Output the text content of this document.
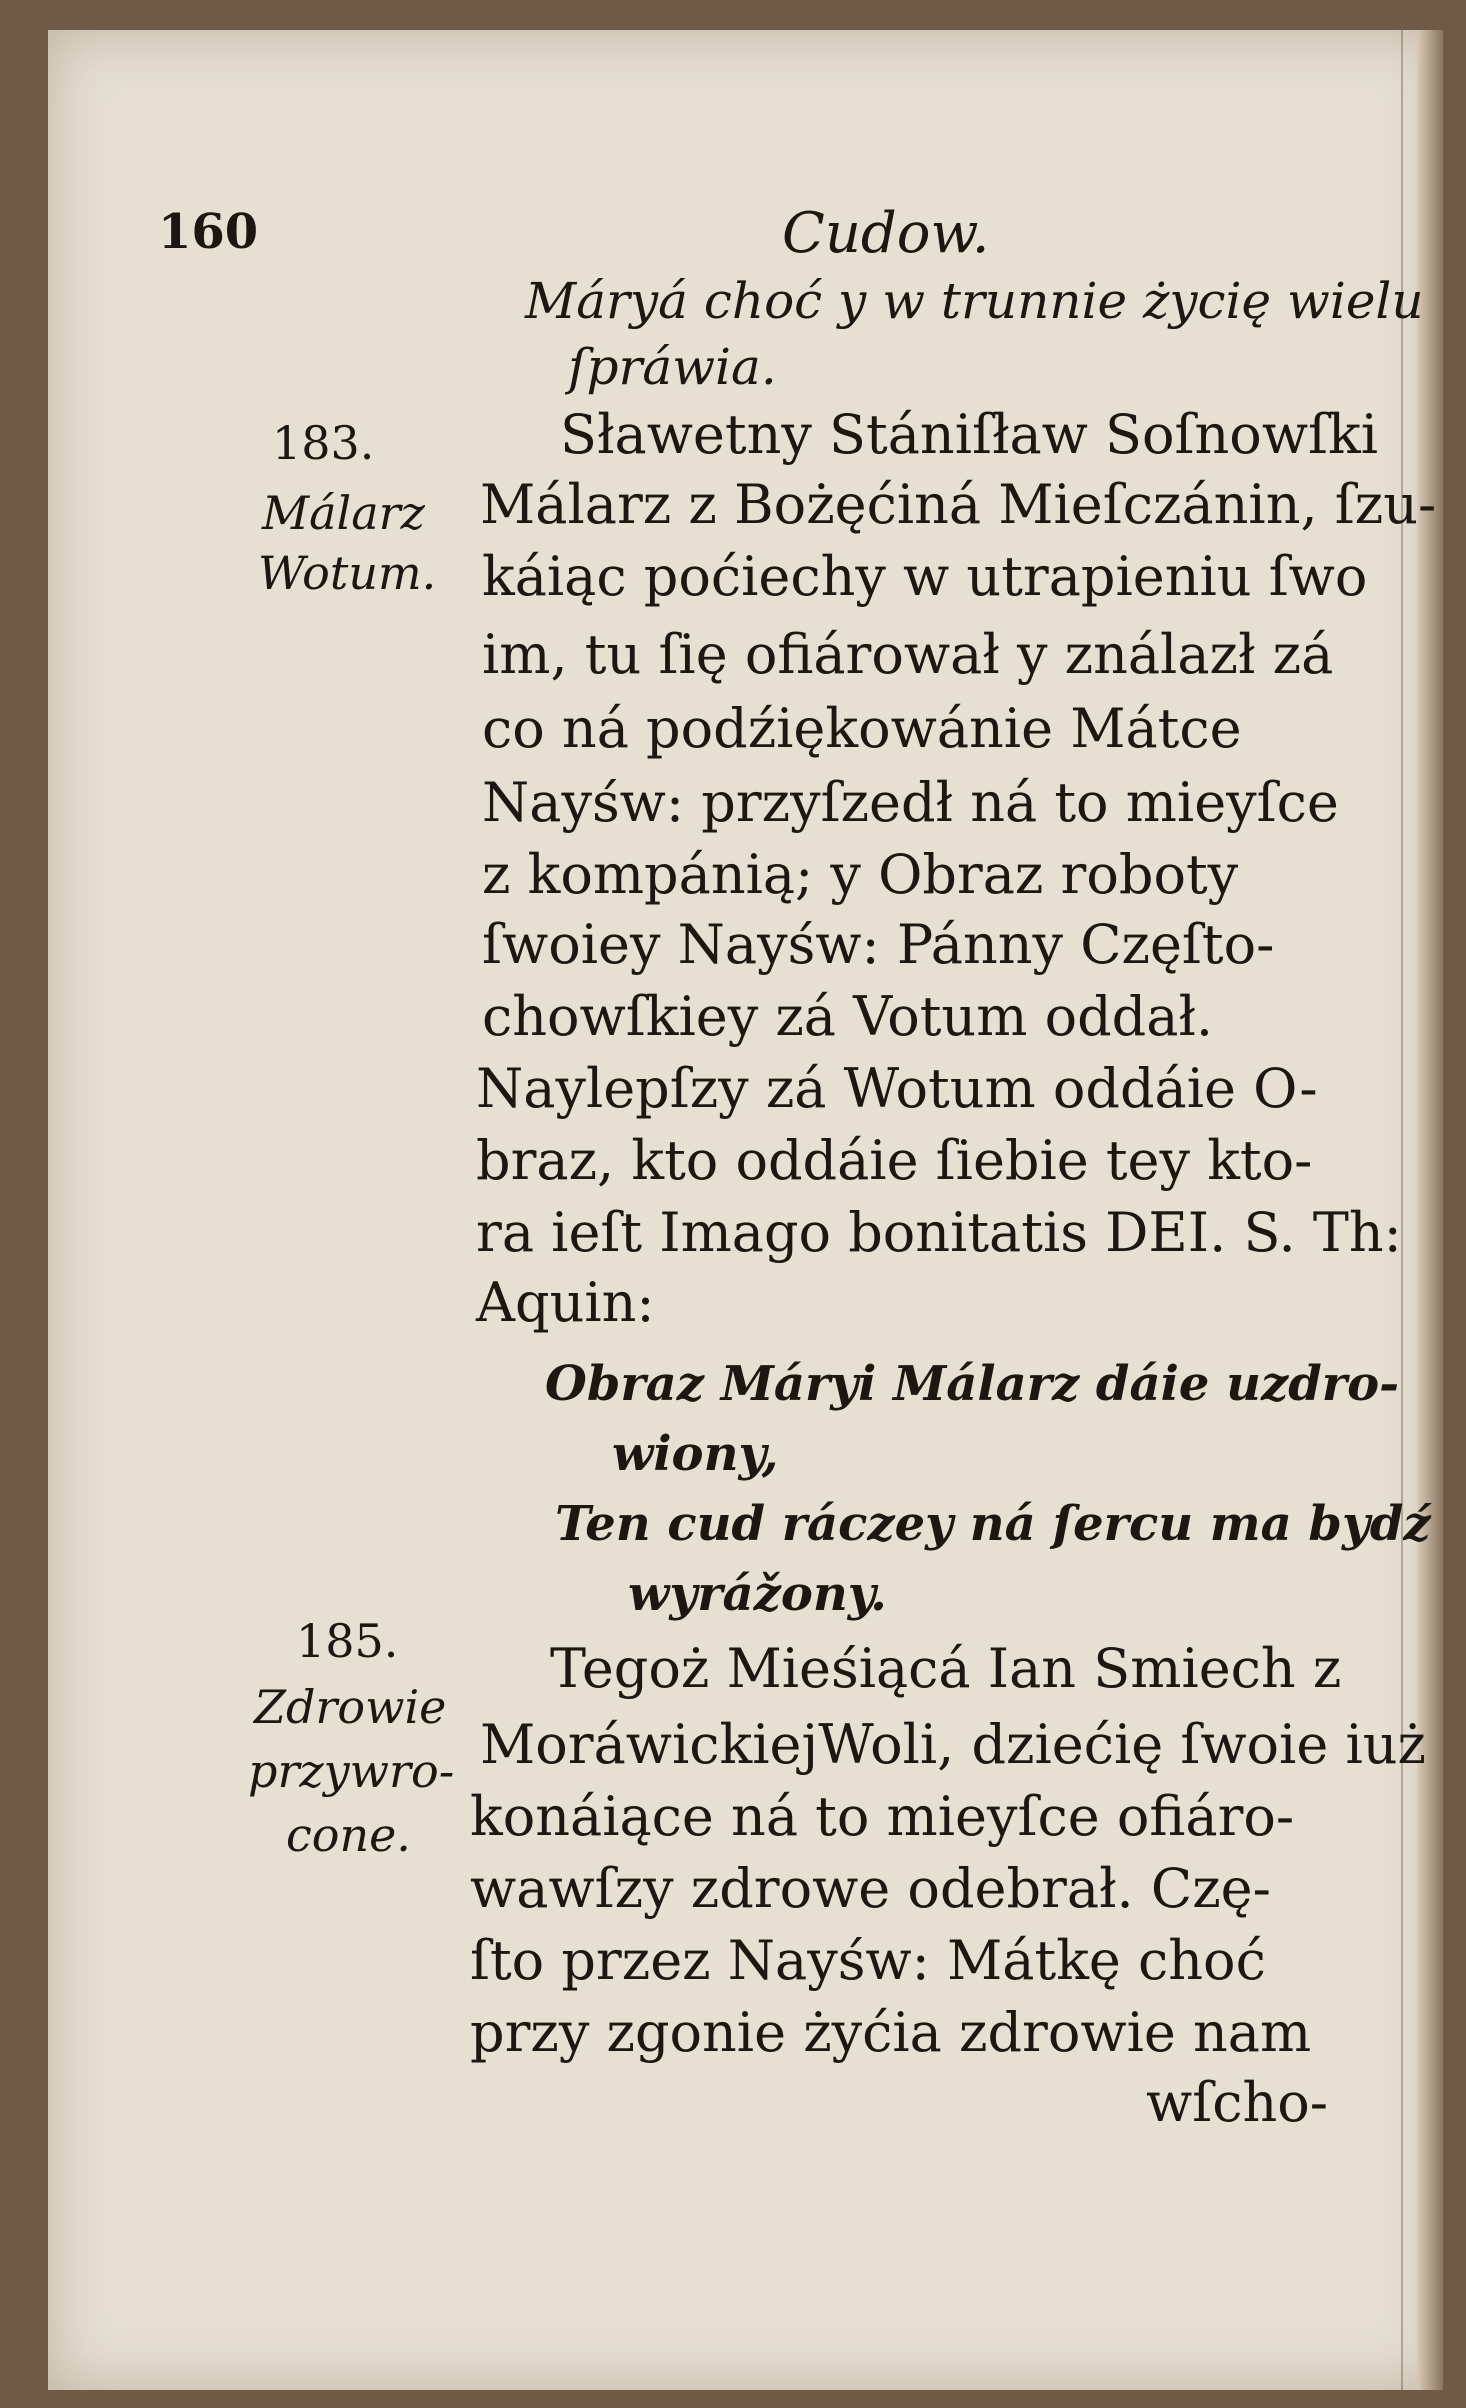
160	Cudow.
183.
Málarz
Wotum.
185.
Zdrowie
przywro-
cone.
Máryá choć y w trunnie życię wielu
ſpráwia.
Sławetny Stániſław Soſnowſki
Málarz z Bożęćiná Mieſczánin, ſzu-
káiąc poćiechy w utrapieniu ſwo
im, tu ſię ofiárował y ználazł zá
co ná podźiękowánie Mátce
Nayśw: przyſzedł ná to mieyſce
z kompánią; y Obraz roboty
ſwoiey Nayśw: Pánny Częſto-
chowſkiey zá Votum oddał.
Naylepſzy zá Wotum oddáie O-
braz, kto oddáie ſiebie tey kto-
ra ieſt Imago bonitatis DEI. S. Th:
Aquin:
Obraz Máryi Málarz dáie uzdro-
wiony,
Ten cud ráczey ná ſercu ma bydź
wyrážony.
Tegoż Mieśiącá Ian Smiech z
MoráwickiejWoli, dziećię ſwoie iuż
konáiące ná to mieyſce ofiáro-
wawſzy zdrowe odebrał. Czę-
ſto przez Nayśw: Mátkę choć
przy zgonie żyćia zdrowie nam
wſcho-
